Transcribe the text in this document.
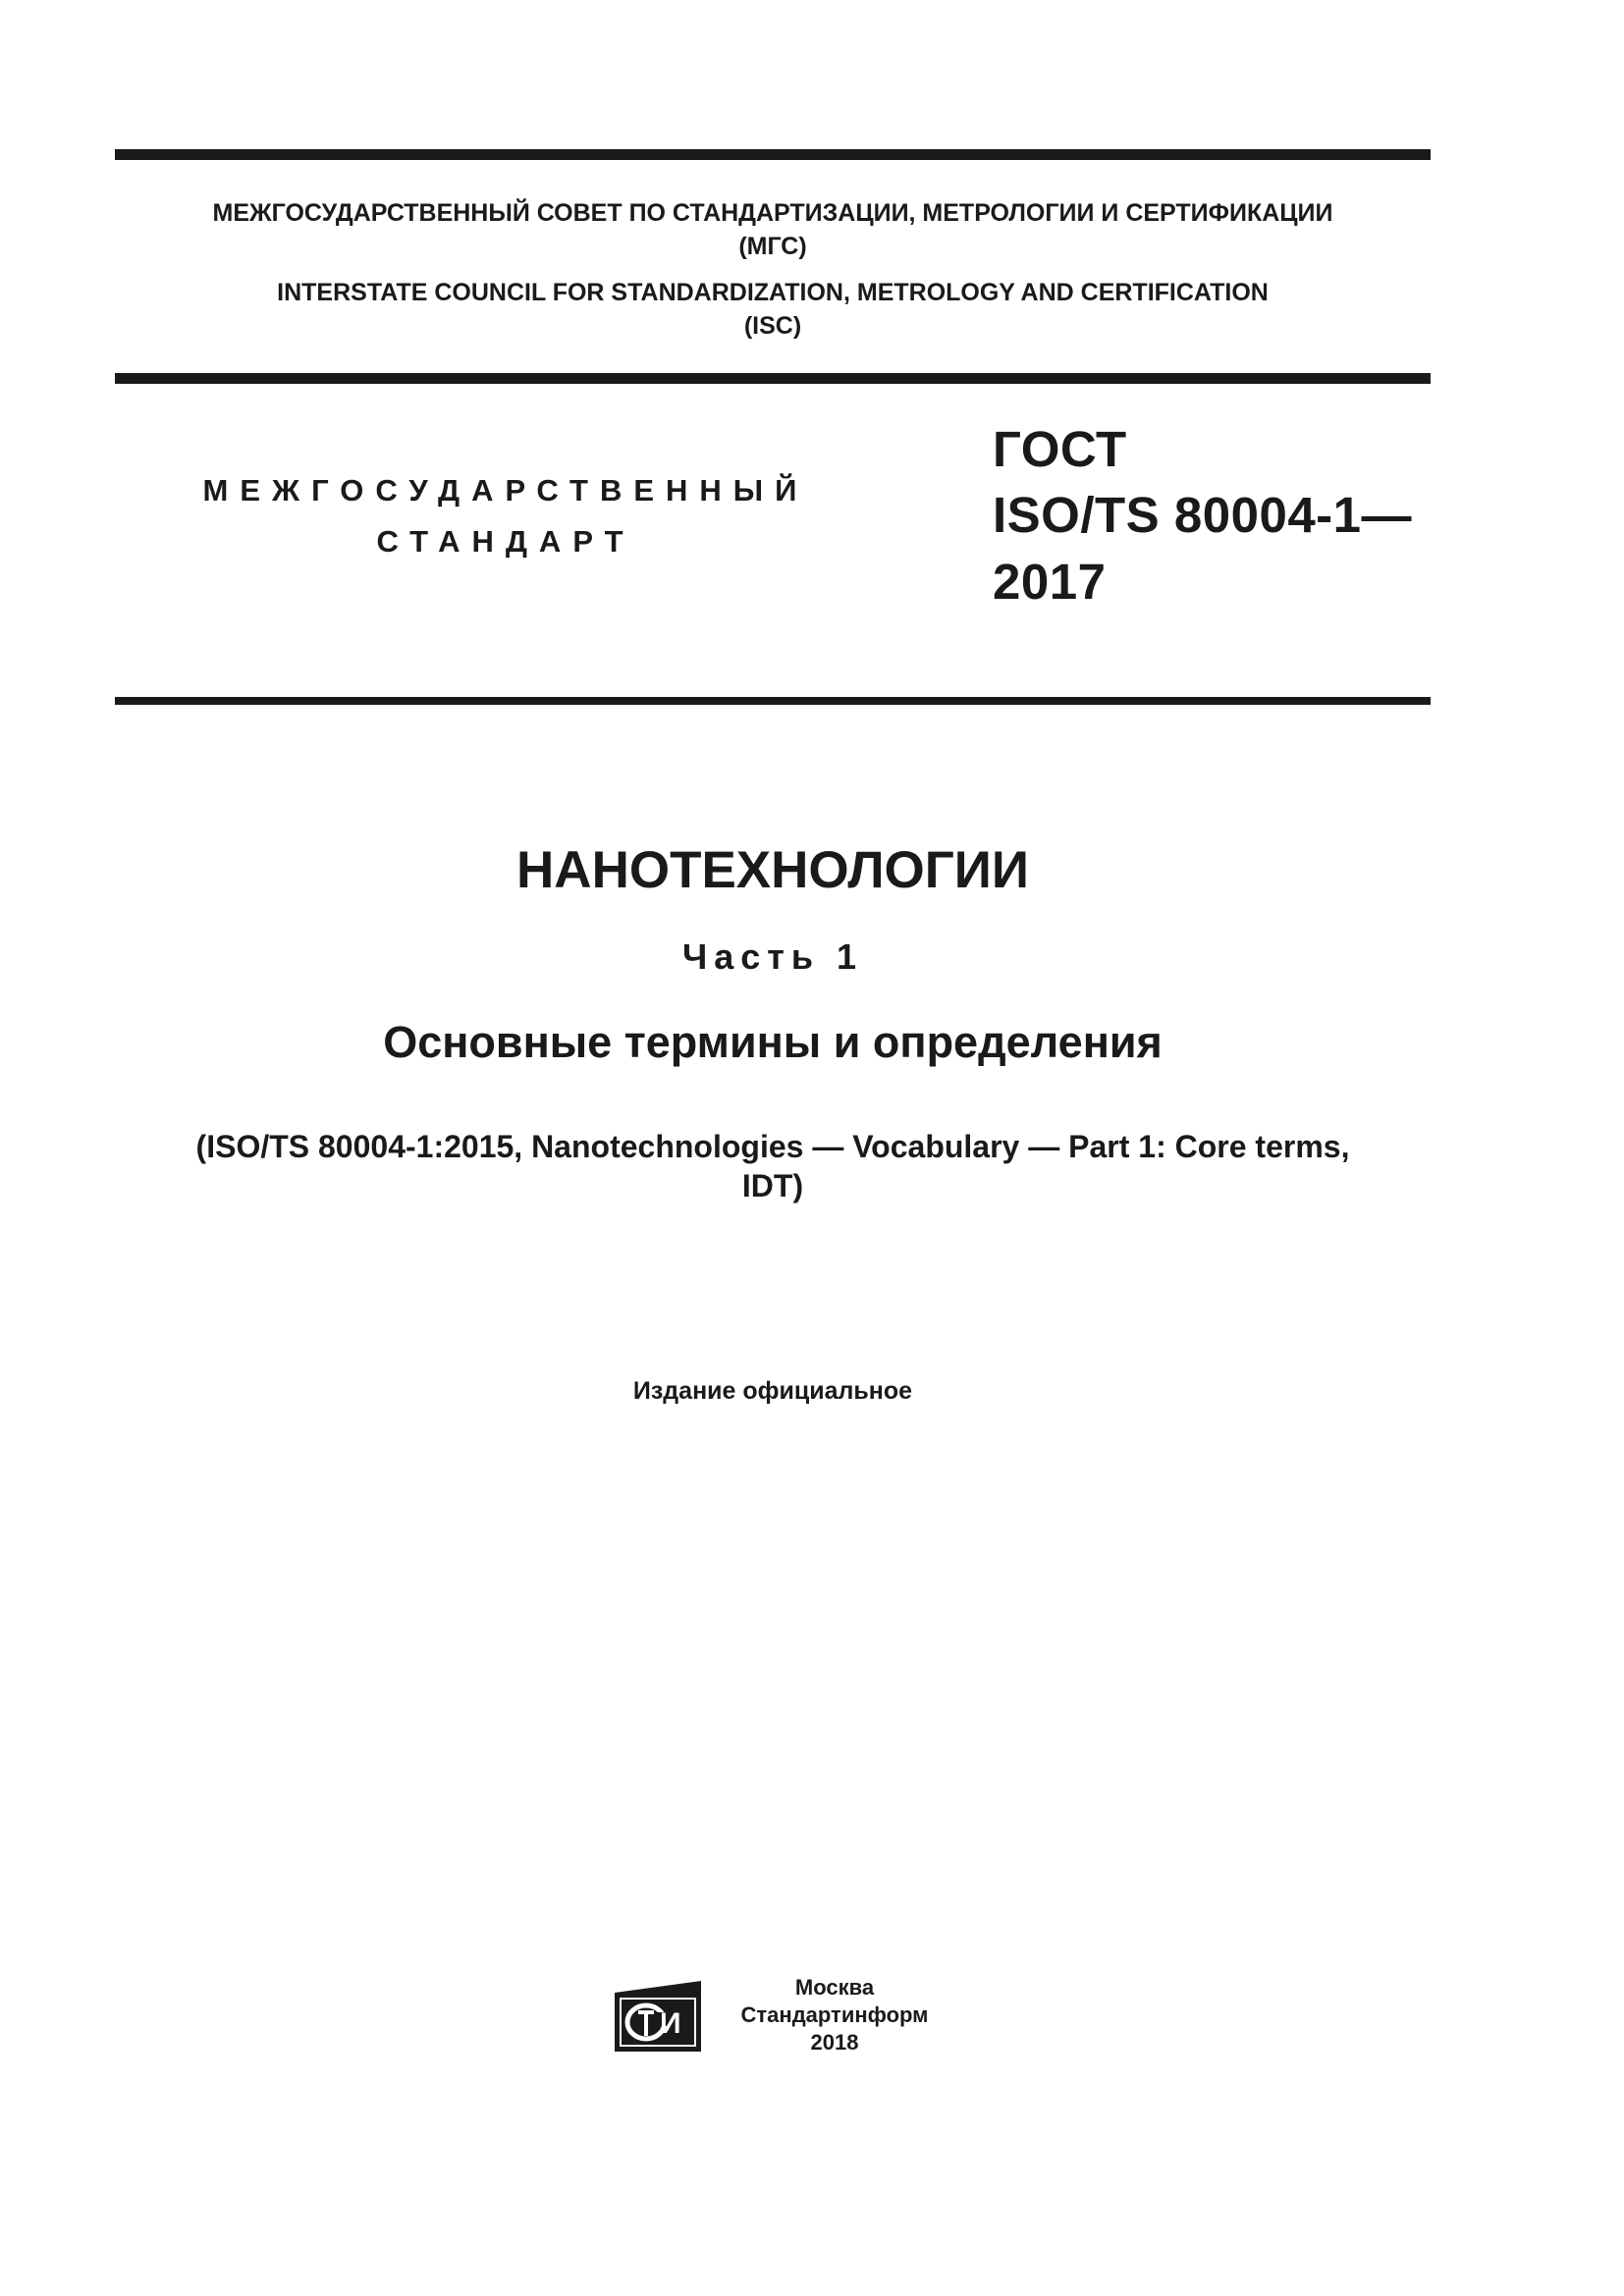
МЕЖГОСУДАРСТВЕННЫЙ СОВЕТ ПО СТАНДАРТИЗАЦИИ, МЕТРОЛОГИИ И СЕРТИФИКАЦИИ
(МГС)
INTERSTATE COUNCIL FOR STANDARDIZATION, METROLOGY AND CERTIFICATION
(ISC)
МЕЖГОСУДАРСТВЕННЫЙ
СТАНДАРТ
ГОСТ
ISO/TS 80004-1—
2017
НАНОТЕХНОЛОГИИ
Часть 1
Основные термины и определения
(ISO/TS 80004-1:2015, Nanotechnologies — Vocabulary — Part 1: Core terms,
IDT)
Издание официальное
И
Москва
Стандартинформ
2018
